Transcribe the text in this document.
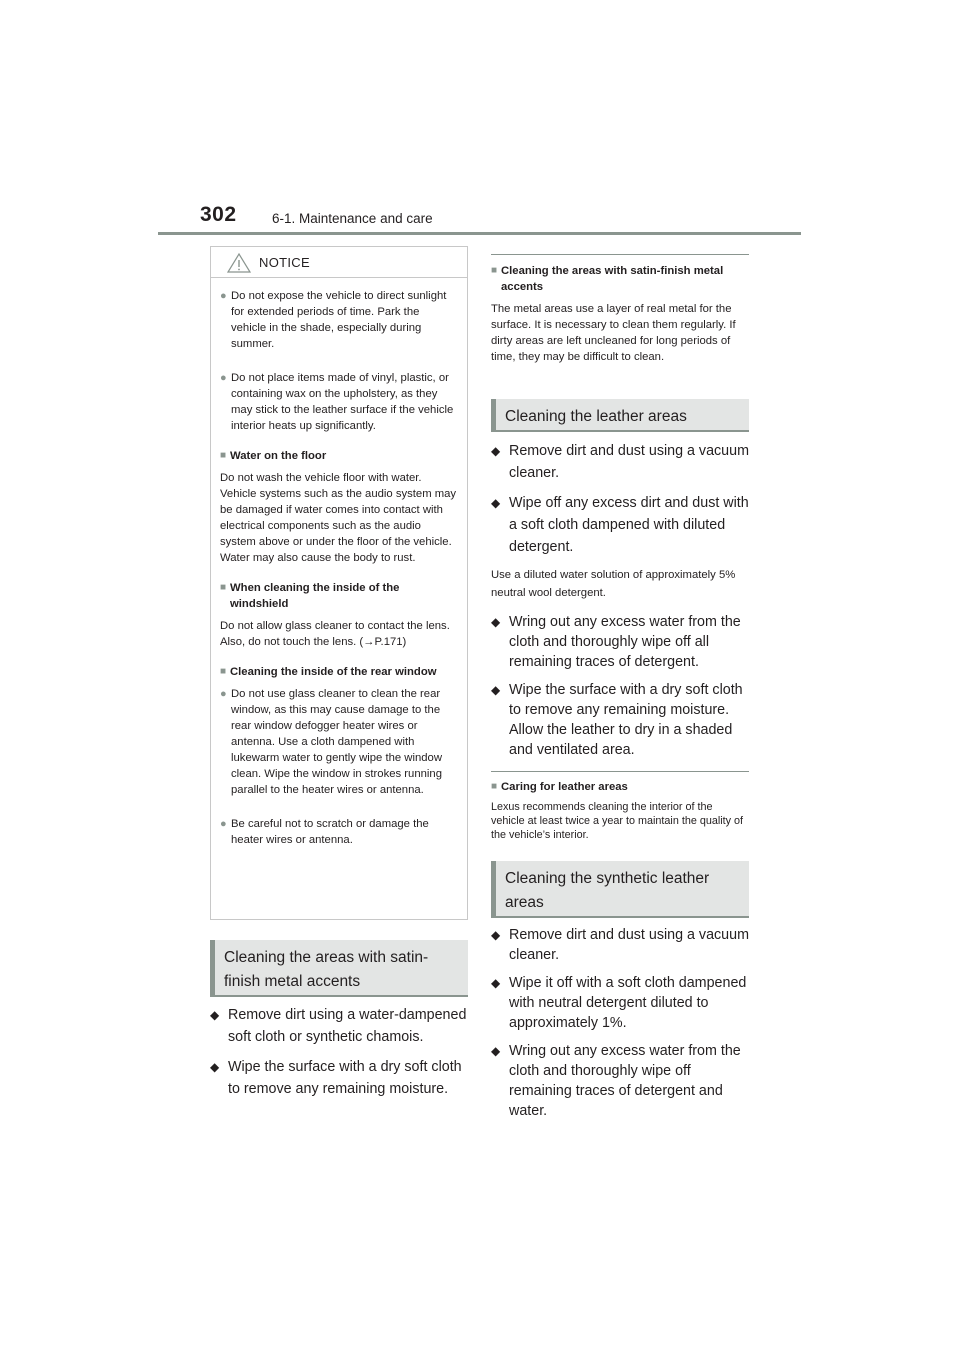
302	6-1. Maintenance and care
NOTICE
● Do not expose the vehicle to direct sunlight for extended periods of time. Park the vehicle in the shade, especially during summer.
● Do not place items made of vinyl, plastic, or containing wax on the upholstery, as they may stick to the leather surface if the vehicle interior heats up significantly.
■ Water on the floor
Do not wash the vehicle floor with water. Vehicle systems such as the audio system may be damaged if water comes into contact with electrical components such as the audio system above or under the floor of the vehicle. Water may also cause the body to rust.
■ When cleaning the inside of the windshield
Do not allow glass cleaner to contact the lens. Also, do not touch the lens. (→P.171)
■ Cleaning the inside of the rear window
● Do not use glass cleaner to clean the rear window, as this may cause damage to the rear window defogger heater wires or antenna. Use a cloth dampened with lukewarm water to gently wipe the window clean. Wipe the window in strokes running parallel to the heater wires or antenna.
● Be careful not to scratch or damage the heater wires or antenna.
Cleaning the areas with satin-finish metal accents
◆ Remove dirt using a water-dampened soft cloth or synthetic chamois.
◆ Wipe the surface with a dry soft cloth to remove any remaining moisture.
■ Cleaning the areas with satin-finish metal accents
The metal areas use a layer of real metal for the surface. It is necessary to clean them regularly. If dirty areas are left uncleaned for long periods of time, they may be difficult to clean.
Cleaning the leather areas
◆ Remove dirt and dust using a vacuum cleaner.
◆ Wipe off any excess dirt and dust with a soft cloth dampened with diluted detergent.
Use a diluted water solution of approximately 5% neutral wool detergent.
◆ Wring out any excess water from the cloth and thoroughly wipe off all remaining traces of detergent.
◆ Wipe the surface with a dry soft cloth to remove any remaining moisture. Allow the leather to dry in a shaded and ventilated area.
■ Caring for leather areas
Lexus recommends cleaning the interior of the vehicle at least twice a year to maintain the quality of the vehicle’s interior.
Cleaning the synthetic leather areas
◆ Remove dirt and dust using a vacuum cleaner.
◆ Wipe it off with a soft cloth dampened with neutral detergent diluted to approximately 1%.
◆ Wring out any excess water from the cloth and thoroughly wipe off remaining traces of detergent and water.
